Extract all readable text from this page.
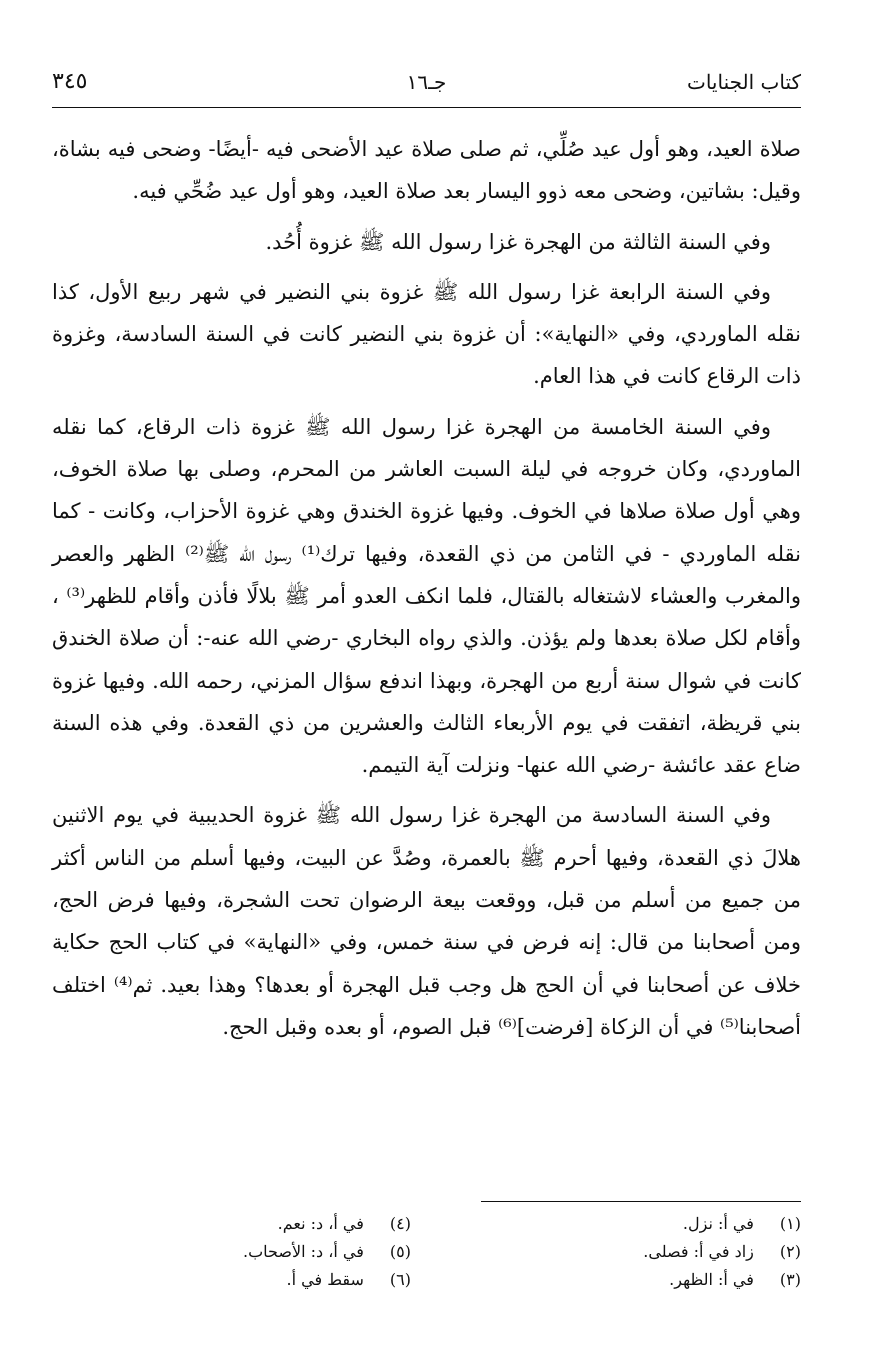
كتاب الجنايات
جـ١٦
٣٤٥

صلاة العيد، وهو أول عيد صُلِّي، ثم صلى صلاة عيد الأضحى فيه -أيضًا- وضحى فيه بشاة، وقيل: بشاتين، وضحى معه ذوو اليسار بعد صلاة العيد، وهو أول عيد ضُحِّي فيه.

وفي السنة الثالثة من الهجرة غزا رسول الله ﷺ غزوة أُحُد.

وفي السنة الرابعة غزا رسول الله ﷺ غزوة بني النضير في شهر ربيع الأول، كذا نقله الماوردي، وفي «النهاية»: أن غزوة بني النضير كانت في السنة السادسة، وغزوة ذات الرقاع كانت في هذا العام.

وفي السنة الخامسة من الهجرة غزا رسول الله ﷺ غزوة ذات الرقاع، كما نقله الماوردي، وكان خروجه في ليلة السبت العاشر من المحرم، وصلى بها صلاة الخوف، وهي أول صلاة صلاها في الخوف. وفيها غزوة الخندق وهي غزوة الأحزاب، وكانت - كما نقله الماوردي - في الثامن من ذي القعدة، وفيها ترك⁽¹⁾ رسول الله ﷺ⁽²⁾ الظهر والعصر والمغرب والعشاء لاشتغاله بالقتال، فلما انكف العدو أمر ﷺ بلالًا فأذن وأقام للظهر⁽³⁾ ، وأقام لكل صلاة بعدها ولم يؤذن. والذي رواه البخاري -رضي الله عنه-: أن صلاة الخندق كانت في شوال سنة أربع من الهجرة، وبهذا اندفع سؤال المزني، رحمه الله. وفيها غزوة بني قريظة، اتفقت في يوم الأربعاء الثالث والعشرين من ذي القعدة. وفي هذه السنة ضاع عقد عائشة -رضي الله عنها- ونزلت آية التيمم.

وفي السنة السادسة من الهجرة غزا رسول الله ﷺ غزوة الحديبية في يوم الاثنين هلالَ ذي القعدة، وفيها أحرم ﷺ بالعمرة، وصُدَّ عن البيت، وفيها أسلم من الناس أكثر من جميع من أسلم من قبل، ووقعت بيعة الرضوان تحت الشجرة، وفيها فرض الحج، ومن أصحابنا من قال: إنه فرض في سنة خمس، وفي «النهاية» في كتاب الحج حكاية خلاف عن أصحابنا في أن الحج هل وجب قبل الهجرة أو بعدها؟ وهذا بعيد. ثم⁽⁴⁾ اختلف أصحابنا⁽⁵⁾ في أن الزكاة [فرضت]⁽⁶⁾ قبل الصوم، أو بعده وقبل الحج.

(١) في أ: نزل.
(٢) زاد في أ: فصلى.
(٣) في أ: الظهر.
(٤) في أ، د: نعم.
(٥) في أ، د: الأصحاب.
(٦) سقط في أ.
